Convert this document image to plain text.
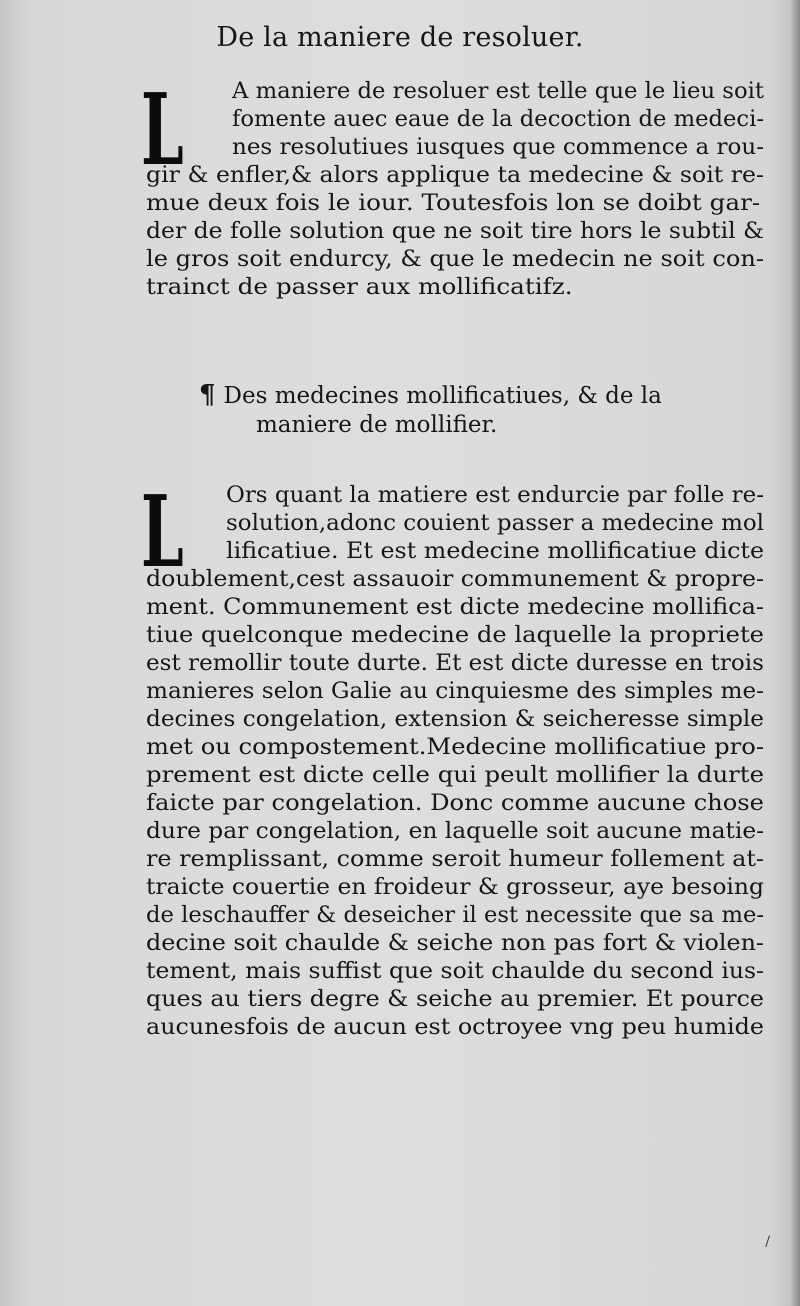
De la maniere de resoluer.
L	A maniere de resoluer est telle que le lieu soit
fomente auec eaue de la decoction de medeci-
nes resolutiues iusques que commence a rou-
gir & enfler,& alors applique ta medecine & soit re-
mue deux fois le iour. Toutesfois lon se doibt gar-
der de folle solution que ne soit tire hors le subtil &
le gros soit endurcy, & que le medecin ne soit con-
trainct de passer aux mollificatifz.
¶ Des medecines mollificatiues, & de la
maniere de mollifier.
L	Ors quant la matiere est endurcie par folle re-
solution,adonc couient passer a medecine mol
lificatiue. Et est medecine mollificatiue dicte
doublement,cest assauoir communement & propre-
ment. Communement est dicte medecine mollifica-
tiue quelconque medecine de laquelle la propriete
est remollir toute durte. Et est dicte duresse en trois
manieres selon Galie au cinquiesme des simples me-
decines congelation, extension & seicheresse simple
met ou compostement.Medecine mollificatiue pro-
prement est dicte celle qui peult mollifier la durte
faicte par congelation. Donc comme aucune chose
dure par congelation, en laquelle soit aucune matie-
re remplissant, comme seroit humeur follement at-
traicte couertie en froideur & grosseur, aye besoing
de leschauffer & deseicher il est necessite que sa me-
decine soit chaulde & seiche non pas fort & violen-
tement, mais suffist que soit chaulde du second ius-
ques au tiers degre & seiche au premier. Et pource
aucunesfois de aucun est octroyee vng peu humide
/
